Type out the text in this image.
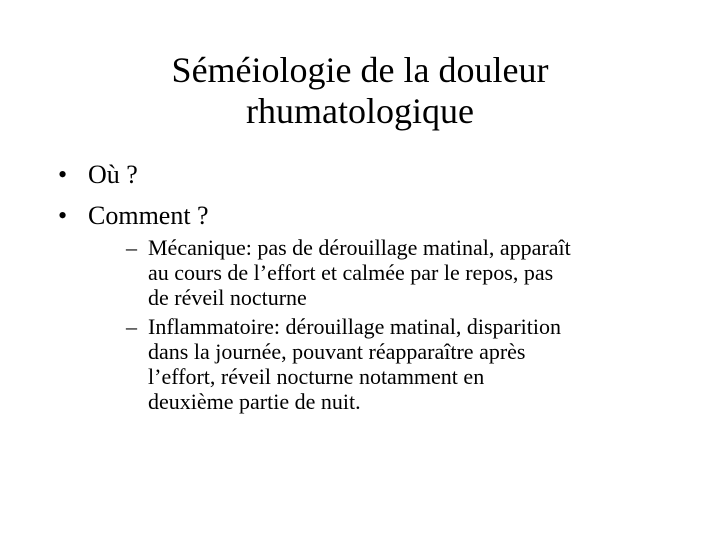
Séméiologie de la douleur
rhumatologique
• Où ?
• Comment ?
– Mécanique: pas de dérouillage matinal, apparaît
au cours de l’effort et calmée par le repos, pas
de réveil nocturne
– Inflammatoire: dérouillage matinal, disparition
dans la journée, pouvant réapparaître après
l’effort, réveil nocturne notamment en
deuxième partie de nuit.
